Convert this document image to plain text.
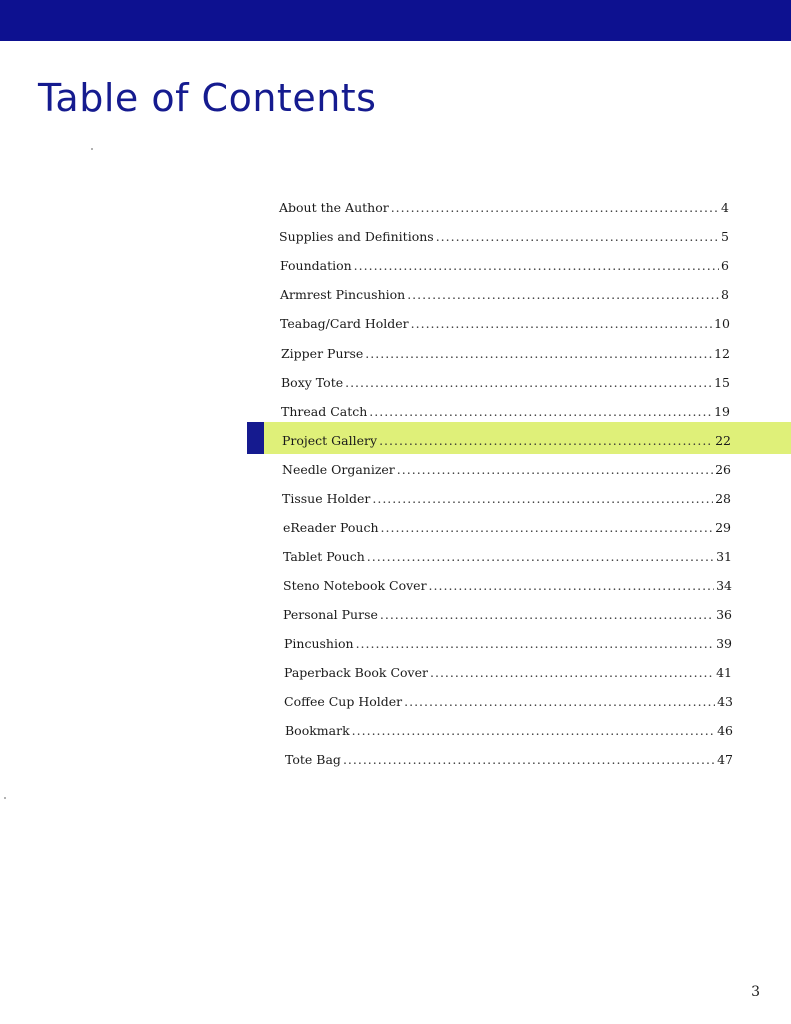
Table of Contents
About the Author .....	4
Supplies and Definitions .....	5
Foundation .....	6
Armrest Pincushion .....	8
Teabag/Card Holder .....	10
Zipper Purse .....	12
Boxy Tote .....	15
Thread Catch .....	19
Project Gallery .....	22
Needle Organizer .....	26
Tissue Holder .....	28
eReader Pouch .....	29
Tablet Pouch .....	31
Steno Notebook Cover .....	34
Personal Purse .....	36
Pincushion .....	39
Paperback Book Cover .....	41
Coffee Cup Holder .....	43
Bookmark .....	46
Tote Bag .....	47
3
